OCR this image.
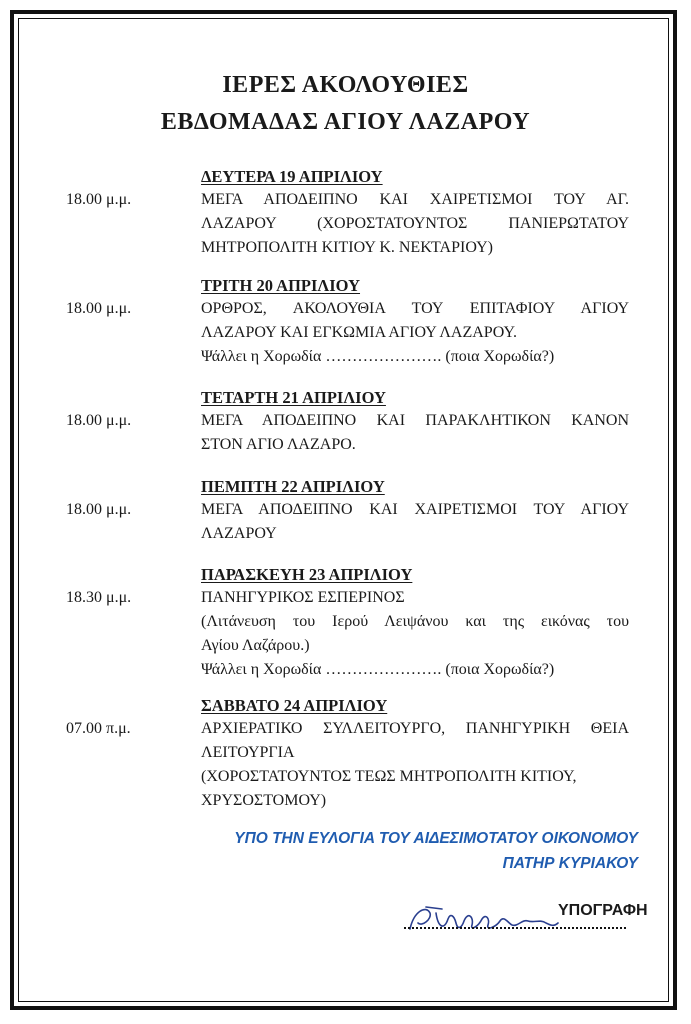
ΙΕΡΕΣ ΑΚΟΛΟΥΘΙΕΣ
ΕΒΔΟΜΑΔΑΣ ΑΓΙΟΥ ΛΑΖΑΡΟΥ
ΔΕΥΤΕΡΑ 19 ΑΠΡΙΛΙΟΥ
18.00 μ.μ.	ΜΕΓΑ ΑΠΟΔΕΙΠΝΟ ΚΑΙ ΧΑΙΡΕΤΙΣΜΟΙ ΤΟΥ ΑΓ.
ΛΑΖΑΡΟΥ (ΧΟΡΟΣΤΑΤΟΥΝΤΟΣ ΠΑΝΙΕΡΩΤΑΤΟΥ
ΜΗΤΡΟΠΟΛΙΤΗ ΚΙΤΙΟΥ Κ. ΝΕΚΤΑΡΙΟΥ)
ΤΡΙΤΗ 20 ΑΠΡΙΛΙΟΥ
18.00 μ.μ.	ΟΡΘΡΟΣ, ΑΚΟΛΟΥΘΙΑ ΤΟΥ ΕΠΙΤΑΦΙΟΥ ΑΓΙΟΥ
ΛΑΖΑΡΟΥ ΚΑΙ ΕΓΚΩΜΙΑ ΑΓΙΟΥ ΛΑΖΑΡΟΥ.
Ψάλλει η Χορωδία …………………. (ποια Χορωδία?)
ΤΕΤΑΡΤΗ 21 ΑΠΡΙΛΙΟΥ
18.00 μ.μ.	ΜΕΓΑ ΑΠΟΔΕΙΠΝΟ ΚΑΙ ΠΑΡΑΚΛΗΤΙΚΟΝ ΚΑΝΟΝ
ΣΤΟΝ ΑΓΙΟ ΛΑΖΑΡΟ.
ΠΕΜΠΤΗ 22 ΑΠΡΙΛΙΟΥ
18.00 μ.μ.	ΜΕΓΑ ΑΠΟΔΕΙΠΝΟ ΚΑΙ ΧΑΙΡΕΤΙΣΜΟΙ ΤΟΥ ΑΓΙΟΥ
ΛΑΖΑΡΟΥ
ΠΑΡΑΣΚΕΥΗ 23 ΑΠΡΙΛΙΟΥ
18.30 μ.μ.	ΠΑΝΗΓΥΡΙΚΟΣ ΕΣΠΕΡΙΝΟΣ
(Λιτάνευση του Ιερού Λειψάνου και της εικόνας του
Αγίου Λαζάρου.)
Ψάλλει η Χορωδία …………………. (ποια Χορωδία?)
ΣΑΒΒΑΤΟ 24 ΑΠΡΙΛΙΟΥ
07.00 π.μ.	ΑΡΧΙΕΡΑΤΙΚΟ ΣΥΛΛΕΙΤΟΥΡΓΟ, ΠΑΝΗΓΥΡΙΚΗ ΘΕΙΑ
ΛΕΙΤΟΥΡΓΙΑ
(ΧΟΡΟΣΤΑΤΟΥΝΤΟΣ ΤΕΩΣ ΜΗΤΡΟΠΟΛΙΤΗ ΚΙΤΙΟΥ,
ΧΡΥΣΟΣΤΟΜΟΥ)
ΥΠΟ ΤΗΝ ΕΥΛΟΓΙΑ ΤΟΥ ΑΙΔΕΣΙΜΟΤΑΤΟΥ ΟΙΚΟΝΟΜΟΥ
ΠΑΤΗΡ ΚΥΡΙΑΚΟΥ
ΥΠΟΓΡΑΦΗ
